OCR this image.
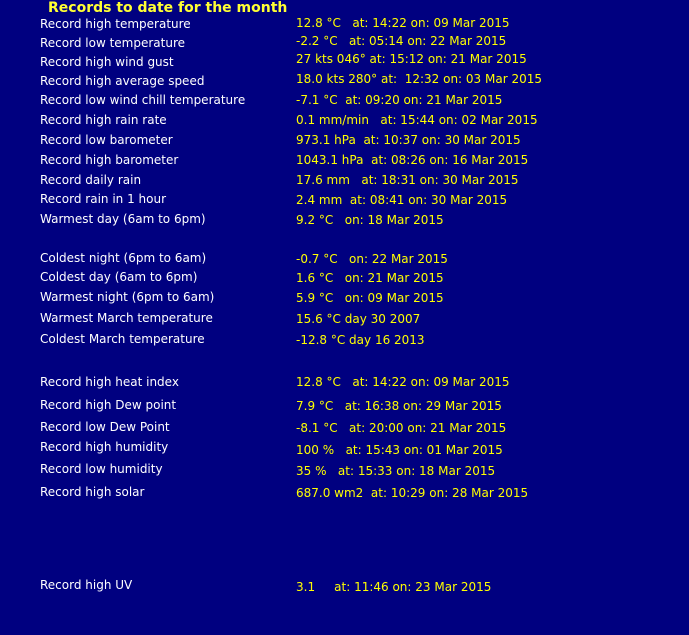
Records to date for the month
Record high temperature	12.8 °C   at: 14:22 on: 09 Mar 2015
Record low temperature	-2.2 °C   at: 05:14 on: 22 Mar 2015
Record high wind gust	27 kts 046° at: 15:12 on: 21 Mar 2015
Record high average speed	18.0 kts 280° at:  12:32 on: 03 Mar 2015
Record low wind chill temperature	-7.1 °C  at: 09:20 on: 21 Mar 2015
Record high rain rate	0.1 mm/min   at: 15:44 on: 02 Mar 2015
Record low barometer	973.1 hPa  at: 10:37 on: 30 Mar 2015
Record high barometer	1043.1 hPa  at: 08:26 on: 16 Mar 2015
Record daily rain	17.6 mm   at: 18:31 on: 30 Mar 2015
Record rain in 1 hour	2.4 mm  at: 08:41 on: 30 Mar 2015
Warmest day (6am to 6pm)	9.2 °C   on: 18 Mar 2015
Coldest night (6pm to 6am)	-0.7 °C   on: 22 Mar 2015
Coldest day (6am to 6pm)	1.6 °C   on: 21 Mar 2015
Warmest night (6pm to 6am)	5.9 °C   on: 09 Mar 2015
Warmest March temperature	15.6 °C day 30 2007
Coldest March temperature	-12.8 °C day 16 2013
Record high heat index	12.8 °C   at: 14:22 on: 09 Mar 2015
Record high Dew point	7.9 °C   at: 16:38 on: 29 Mar 2015
Record low Dew Point	-8.1 °C   at: 20:00 on: 21 Mar 2015
Record high humidity	100 %   at: 15:43 on: 01 Mar 2015
Record low humidity	35 %   at: 15:33 on: 18 Mar 2015
Record high solar	687.0 wm2  at: 10:29 on: 28 Mar 2015
Record high UV	3.1     at: 11:46 on: 23 Mar 2015
